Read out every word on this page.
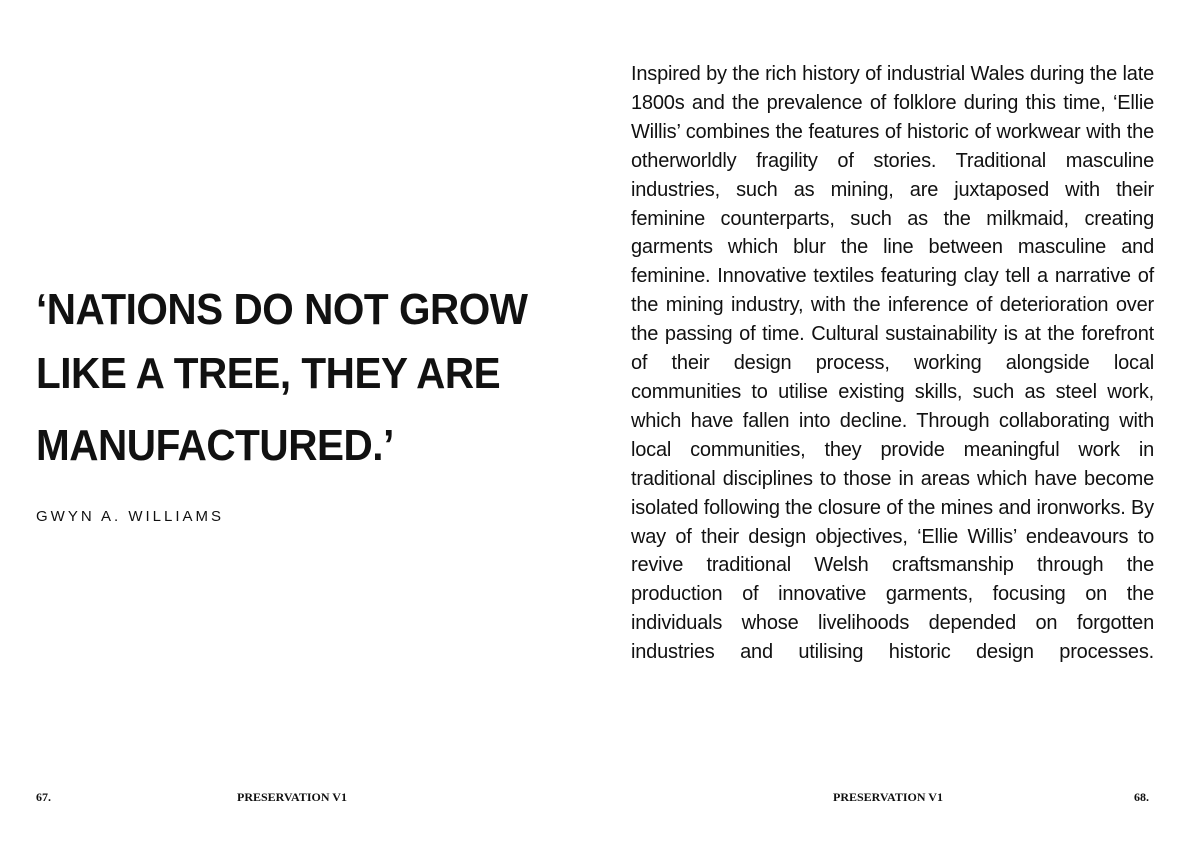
‘NATIONS DO NOT GROW
LIKE A TREE, THEY ARE
MANUFACTURED.’
GWYN A. WILLIAMS
Inspired by the rich history of industrial Wales during the late 1800s and the prevalence of folklore during this time, ‘Ellie Willis’ combines the features of historic of workwear with the otherworldly fragility of stories. Traditional masculine industries, such as mining, are juxtaposed with their feminine counterparts, such as the milkmaid, creating garments which blur the line between masculine and feminine. Innovative textiles featuring clay tell a narrative of the mining industry, with the inference of deterioration over the passing of time. Cultural sustainability is at the forefront of their design process, working alongside local communities to utilise existing skills, such as steel work, which have fallen into decline. Through collaborating with local communities, they provide meaningful work in traditional disciplines to those in areas which have become isolated following the closure of the mines and ironworks. By way of their design objectives, ‘Ellie Willis’ endeavours to revive traditional Welsh craftsmanship through the production of innovative garments, focusing on the individuals whose livelihoods depended on forgotten industries and utilising historic design processes.
67.	PRESERVATION V1	PRESERVATION V1	68.
